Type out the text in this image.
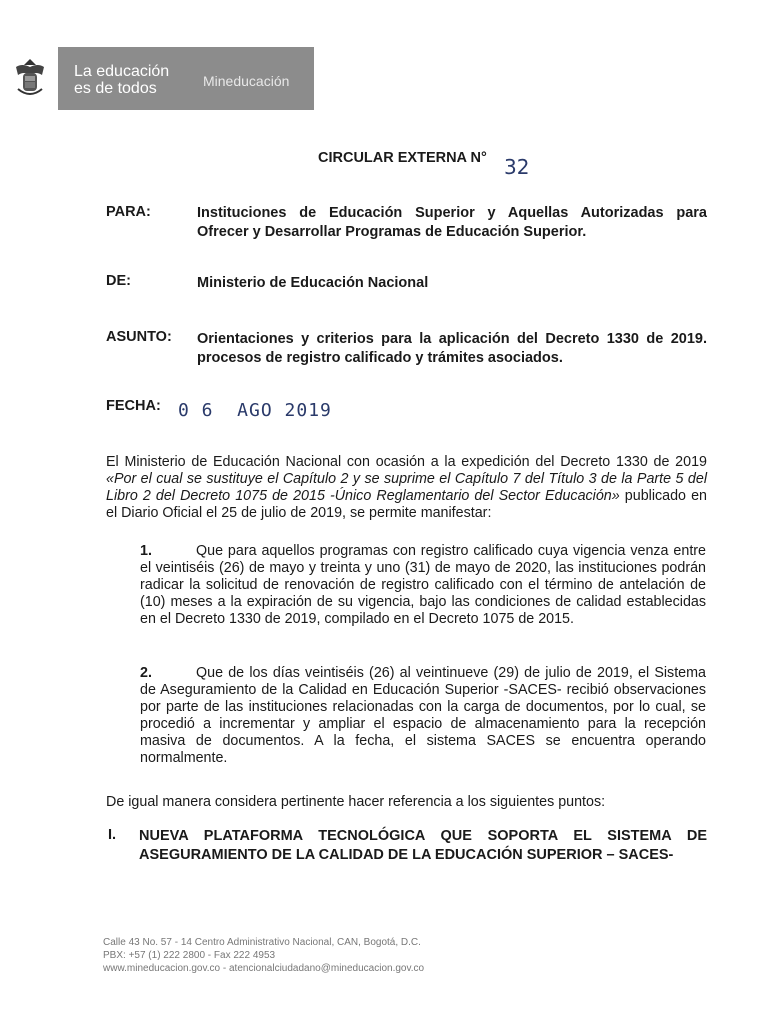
La educación
es de todos	Mineducación
CIRCULAR EXTERNA N° 32
PARA:	Instituciones de Educación Superior y Aquellas Autorizadas para
Ofrecer y Desarrollar Programas de Educación Superior.
DE:	Ministerio de Educación Nacional
ASUNTO: Orientaciones y criterios para la aplicación del Decreto 1330 de 2019.
procesos de registro calificado y trámites asociados.
FECHA: 0 6  AGO 2019
El Ministerio de Educación Nacional con ocasión a la expedición del Decreto 1330 de 2019 «Por el cual se sustituye el Capítulo 2 y se suprime el Capítulo 7 del Título 3 de la Parte 5 del Libro 2 del Decreto 1075 de 2015 -Único Reglamentario del Sector Educación» publicado en el Diario Oficial el 25 de julio de 2019, se permite manifestar:
1.	Que para aquellos programas con registro calificado cuya vigencia venza entre el veintiséis (26) de mayo y treinta y uno (31) de mayo de 2020, las instituciones podrán radicar la solicitud de renovación de registro calificado con el término de antelación de (10) meses a la expiración de su vigencia, bajo las condiciones de calidad establecidas en el Decreto 1330 de 2019, compilado en el Decreto 1075 de 2015.
2.	Que de los días veintiséis (26) al veintinueve (29) de julio de 2019, el Sistema de Aseguramiento de la Calidad en Educación Superior -SACES- recibió observaciones por parte de las instituciones relacionadas con la carga de documentos, por lo cual, se procedió a incrementar y ampliar el espacio de almacenamiento para la recepción masiva de documentos. A la fecha, el sistema SACES se encuentra operando normalmente.
De igual manera considera pertinente hacer referencia a los siguientes puntos:
I. NUEVA PLATAFORMA TECNOLÓGICA QUE SOPORTA EL SISTEMA DE
ASEGURAMIENTO DE LA CALIDAD DE LA EDUCACIÓN SUPERIOR – SACES-
Calle 43 No. 57 - 14 Centro Administrativo Nacional, CAN, Bogotá, D.C.
PBX: +57 (1) 222 2800 - Fax 222 4953
www.mineducacion.gov.co - atencionalciudadano@mineducacion.gov.co
